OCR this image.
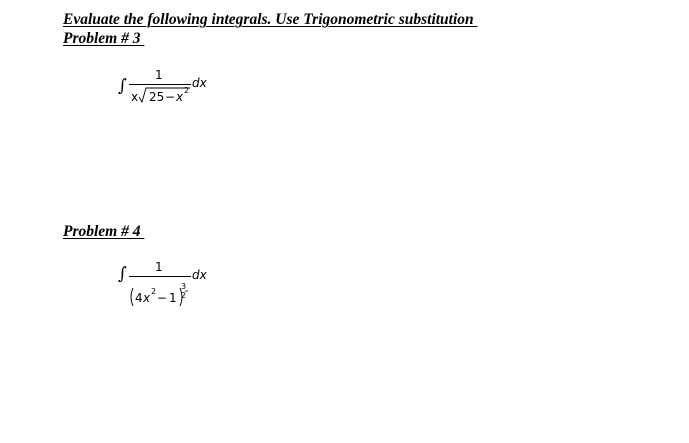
Evaluate the following integrals. Use Trigonometric substitution
Problem # 3
∫
1
x 25 − x 2
dx
Problem # 4
∫ 1
4 x 2 − 1
3
2
dx
